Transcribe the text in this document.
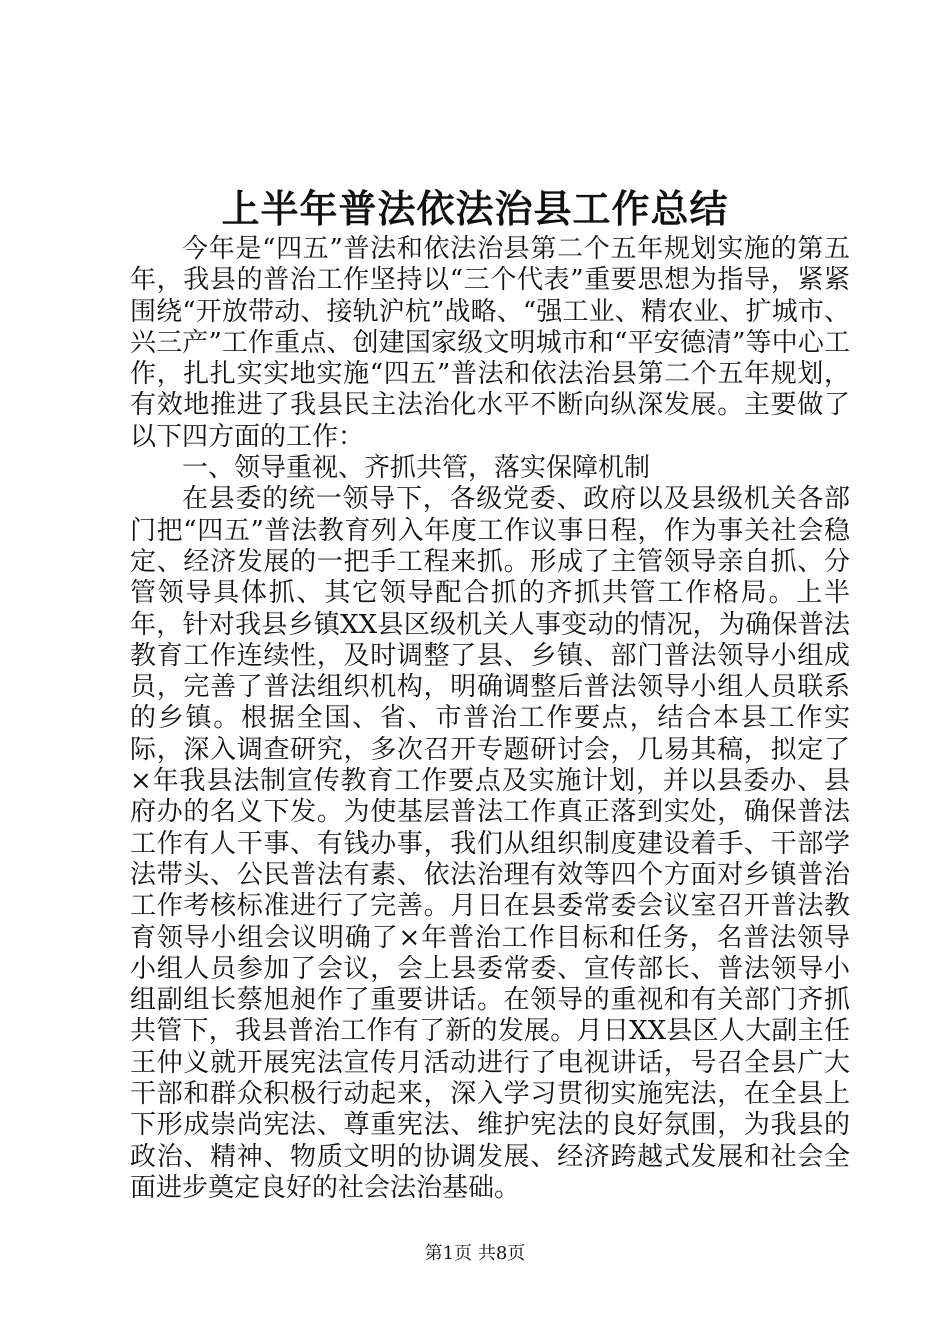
上半年普法依法治县工作总结

今年是“四五”普法和依法治县第二个五年规划实施的第五年，我县的普治工作坚持以“三个代表”重要思想为指导，紧紧围绕“开放带动、接轨沪杭”战略、“强工业、精农业、扩城市、兴三产”工作重点、创建国家级文明城市和“平安德清”等中心工作，扎扎实实地实施“四五”普法和依法治县第二个五年规划，有效地推进了我县民主法治化水平不断向纵深发展。主要做了以下四方面的工作：

一、领导重视、齐抓共管，落实保障机制

在县委的统一领导下，各级党委、政府以及县级机关各部门把“四五”普法教育列入年度工作议事日程，作为事关社会稳定、经济发展的一把手工程来抓。形成了主管领导亲自抓、分管领导具体抓、其它领导配合抓的齐抓共管工作格局。上半年，针对我县乡镇XX县区级机关人事变动的情况，为确保普法教育工作连续性，及时调整了县、乡镇、部门普法领导小组成员，完善了普法组织机构，明确调整后普法领导小组人员联系的乡镇。根据全国、省、市普治工作要点，结合本县工作实际，深入调查研究，多次召开专题研讨会，几易其稿，拟定了×年我县法制宣传教育工作要点及实施计划，并以县委办、县府办的名义下发。为使基层普法工作真正落到实处，确保普法工作有人干事、有钱办事，我们从组织制度建设着手、干部学法带头、公民普法有素、依法治理有效等四个方面对乡镇普治工作考核标准进行了完善。月日在县委常委会议室召开普法教育领导小组会议明确了×年普治工作目标和任务，名普法领导小组人员参加了会议，会上县委常委、宣传部长、普法领导小组副组长蔡旭昶作了重要讲话。在领导的重视和有关部门齐抓共管下，我县普治工作有了新的发展。月日XX县区人大副主任王仲义就开展宪法宣传月活动进行了电视讲话，号召全县广大干部和群众积极行动起来，深入学习贯彻实施宪法，在全县上下形成崇尚宪法、尊重宪法、维护宪法的良好氛围，为我县的政治、精神、物质文明的协调发展、经济跨越式发展和社会全面进步奠定良好的社会法治基础。

第1页 共8页
